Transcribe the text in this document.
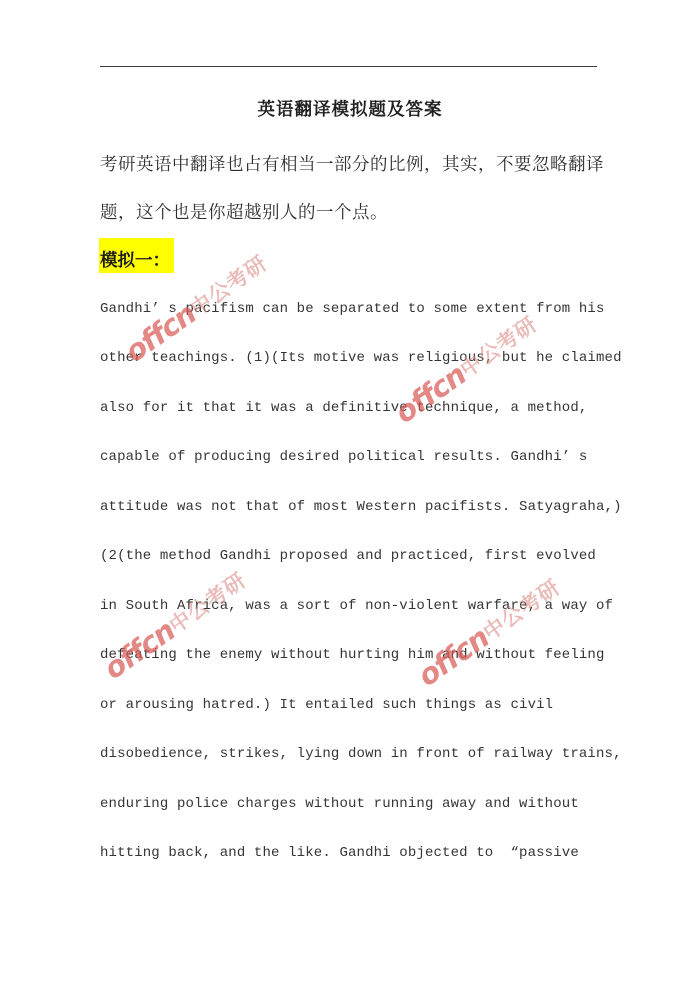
英语翻译模拟题及答案
考研英语中翻译也占有相当一部分的比例，其实，不要忽略翻译
题，这个也是你超越别人的一个点。
模拟一：
Gandhi’ s pacifism can be separated to some extent from his
other teachings. (1)(Its motive was religious, but he claimed
also for it that it was a definitive technique, a method,
capable of producing desired political results. Gandhi’ s
attitude was not that of most Western pacifists. Satyagraha,)
(2(the method Gandhi proposed and practiced, first evolved
in South Africa, was a sort of non-violent warfare, a way of
defeating the enemy without hurting him and without feeling
or arousing hatred.) It entailed such things as civil
disobedience, strikes, lying down in front of railway trains,
enduring police charges without running away and without
hitting back, and the like. Gandhi objected to  “passive
offcn中公考研
offcn中公考研
offcn中公考研
offcn中公考研
